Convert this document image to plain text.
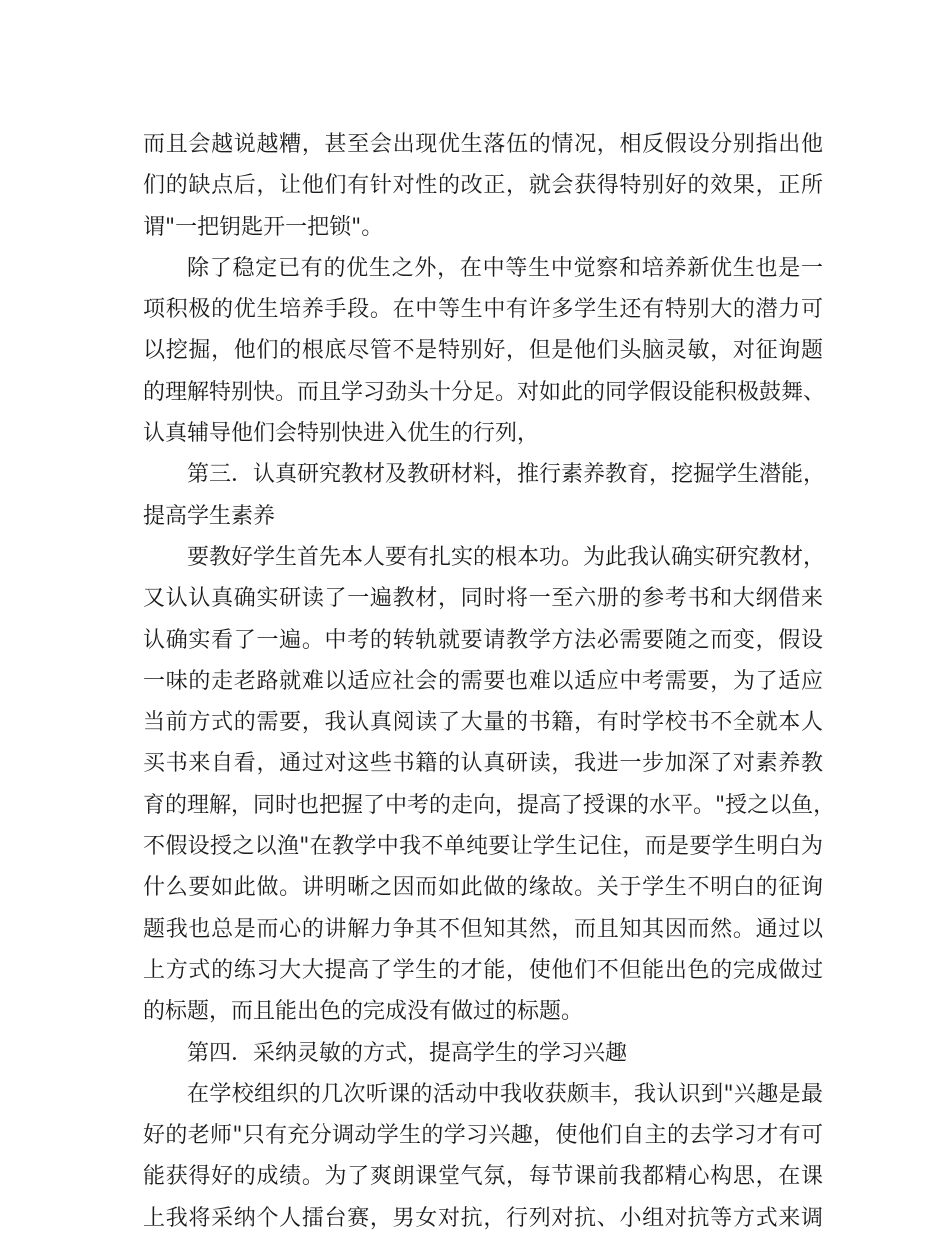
而且会越说越糟，甚至会出现优生落伍的情况，相反假设分别指出他
们的缺点后，让他们有针对性的改正，就会获得特别好的效果，正所
谓"一把钥匙开一把锁"。
除了稳定已有的优生之外，在中等生中觉察和培养新优生也是一
项积极的优生培养手段。在中等生中有许多学生还有特别大的潜力可
以挖掘，他们的根底尽管不是特别好，但是他们头脑灵敏，对征询题
的理解特别快。而且学习劲头十分足。对如此的同学假设能积极鼓舞、
认真辅导他们会特别快进入优生的行列，
第三．认真研究教材及教研材料，推行素养教育，挖掘学生潜能，
提高学生素养
要教好学生首先本人要有扎实的根本功。为此我认确实研究教材，
又认认真确实研读了一遍教材，同时将一至六册的参考书和大纲借来
认确实看了一遍。中考的转轨就要请教学方法必需要随之而变，假设
一味的走老路就难以适应社会的需要也难以适应中考需要，为了适应
当前方式的需要，我认真阅读了大量的书籍，有时学校书不全就本人
买书来自看，通过对这些书籍的认真研读，我进一步加深了对素养教
育的理解，同时也把握了中考的走向，提高了授课的水平。"授之以鱼，
不假设授之以渔"在教学中我不单纯要让学生记住，而是要学生明白为
什么要如此做。讲明晰之因而如此做的缘故。关于学生不明白的征询
题我也总是而心的讲解力争其不但知其然，而且知其因而然。通过以
上方式的练习大大提高了学生的才能，使他们不但能出色的完成做过
的标题，而且能出色的完成没有做过的标题。
第四．采纳灵敏的方式，提高学生的学习兴趣
在学校组织的几次听课的活动中我收获颇丰，我认识到"兴趣是最
好的老师"只有充分调动学生的学习兴趣，使他们自主的去学习才有可
能获得好的成绩。为了爽朗课堂气氛，每节课前我都精心构思，在课
上我将采纳个人擂台赛，男女对抗，行列对抗、小组对抗等方式来调
